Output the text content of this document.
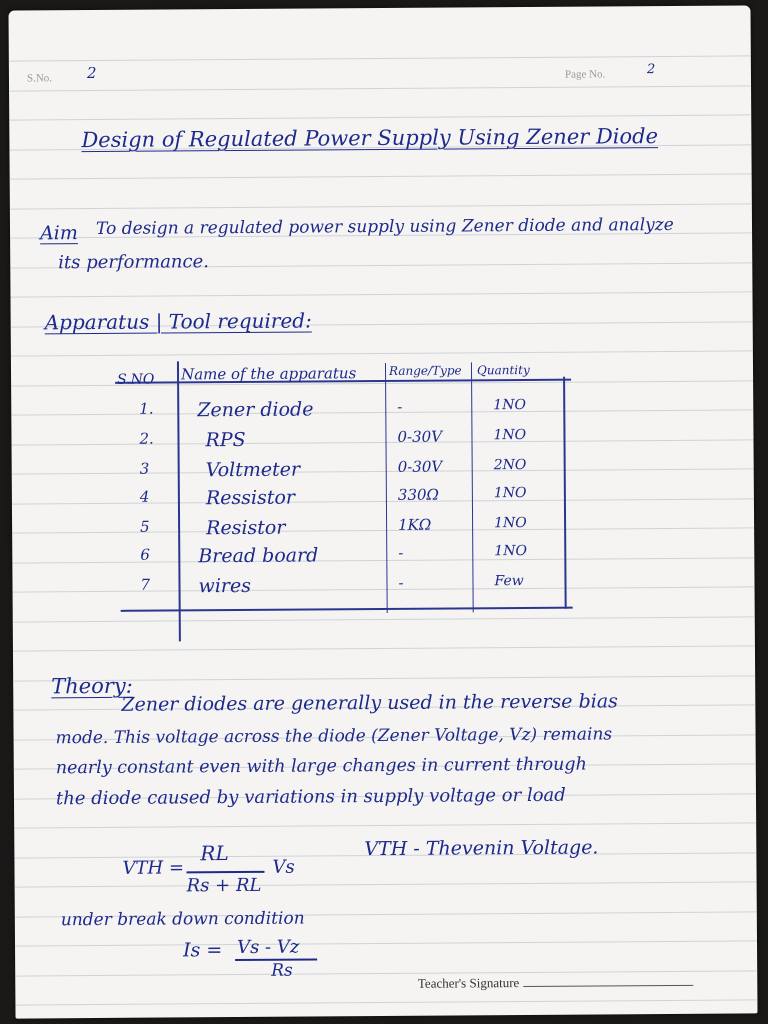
S.No. 2	Page No.	2
Design of Regulated Power Supply Using Zener Diode
Aim To design a regulated power supply using Zener diode and analyze
its performance.
Apparatus | Tool required:
S.NO Name of the apparatus	Range/Type Quantity
1. Zener diode	-	1NO
2.	RPS	0-30V	1NO
3	Voltmeter	0-30V	2NO
4	Ressistor	330Ω	1NO
5	Resistor	1KΩ	1NO
6	Bread board	-	1NO
7	wires	-	Few
Theory:
Zener diodes are generally used in the reverse bias
mode. This voltage across the diode (Zener Voltage, Vz) remains
nearly constant even with large changes in current through
the diode caused by variations in supply voltage or load
VTH =
RL
Rs + RL
Vs
VTH - Thevenin Voltage.
under break down condition
Is = Vs - Vz
Rs
Teacher's Signature
